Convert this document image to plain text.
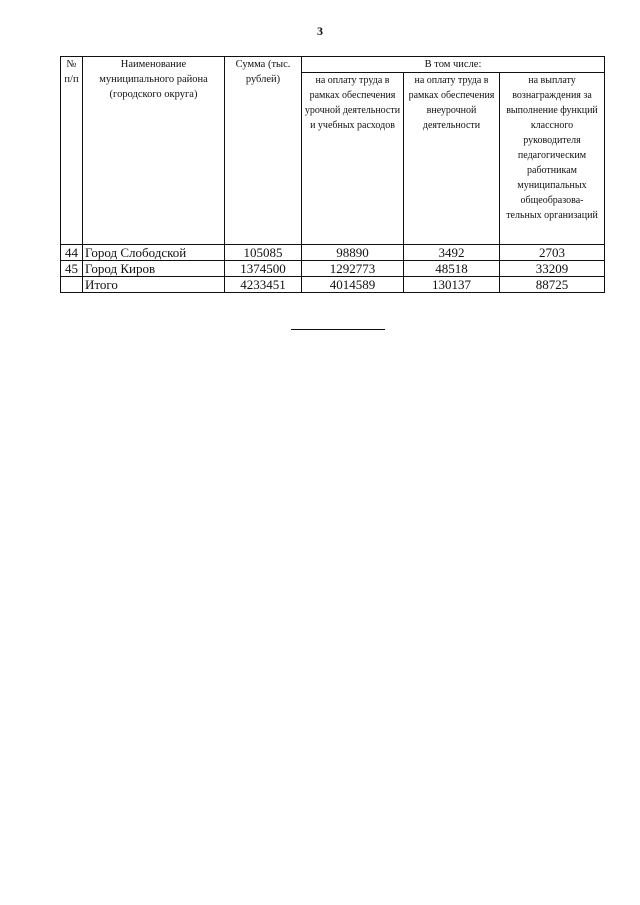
3
№ п/п	Наименование муниципального района (городского округа)	Сумма (тыс. рублей)	В том числе:		
			на оплату труда в рамках обеспечения урочной деятельности и учебных расходов	на оплату труда в рамках обеспечения внеурочной деятельности	на выплату вознаграждения за выполнение функций классного руководителя педагогическим работникам муниципальных общеобразова- тельных организаций
44	Город Слободской	105085	98890	3492	2703
45	Город Киров	1374500	1292773	48518	33209
	Итого	4233451	4014589	130137	88725
